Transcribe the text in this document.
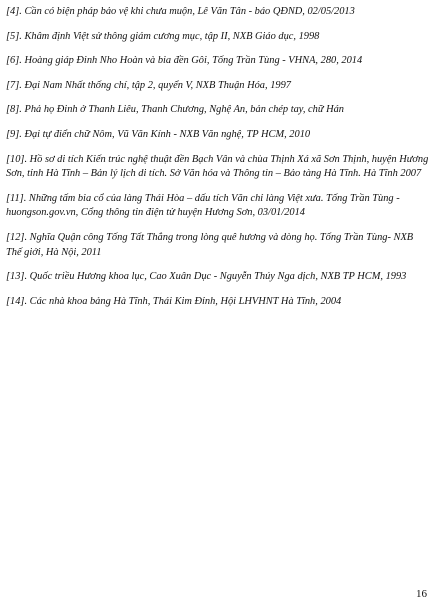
[4]. Cần có biện pháp bảo vệ khi chưa muộn, Lê Văn Tân - báo QĐND, 02/05/2013

[5]. Khâm định Việt sử thông giám cương mục, tập II, NXB Giáo dục, 1998

[6]. Hoàng giáp Đinh Nho Hoàn và bia đền Gôi, Tống Trần Tùng - VHNA, 280, 2014

[7]. Đại Nam Nhất thống chí, tập 2, quyển V, NXB Thuận Hóa, 1997

[8]. Phả họ Đinh ở Thanh Liêu, Thanh Chương, Nghệ An, bản chép tay, chữ Hán

[9]. Đại tự điển chữ Nôm, Vũ Văn Kính - NXB Văn nghệ, TP HCM, 2010

[10]. Hồ sơ di tích Kiến trúc nghệ thuật đền Bạch Vân và chùa Thịnh Xá xã Sơn Thịnh, huyện Hương Sơn, tỉnh Hà Tĩnh – Bản lý lịch di tích. Sở Văn hóa và Thông tin – Bảo tàng Hà Tĩnh. Hà Tĩnh 2007

[11]. Những tấm bia cổ của làng Thái Hòa – dấu tích Văn chỉ làng Việt xưa. Tống Trần Tùng - huongson.gov.vn, Cổng thông tin điện tử huyện Hương Sơn, 03/01/2014

[12]. Nghĩa Quận công Tống Tất Thắng trong lòng quê hương và dòng họ. Tống Trần Tùng- NXB Thế giới, Hà Nội, 2011

[13]. Quốc triều Hương khoa lục, Cao Xuân Dục - Nguyễn Thúy Nga dịch, NXB TP HCM, 1993

[14]. Các nhà khoa bảng Hà Tĩnh, Thái Kim Đỉnh, Hội LHVHNT Hà Tĩnh, 2004

16
